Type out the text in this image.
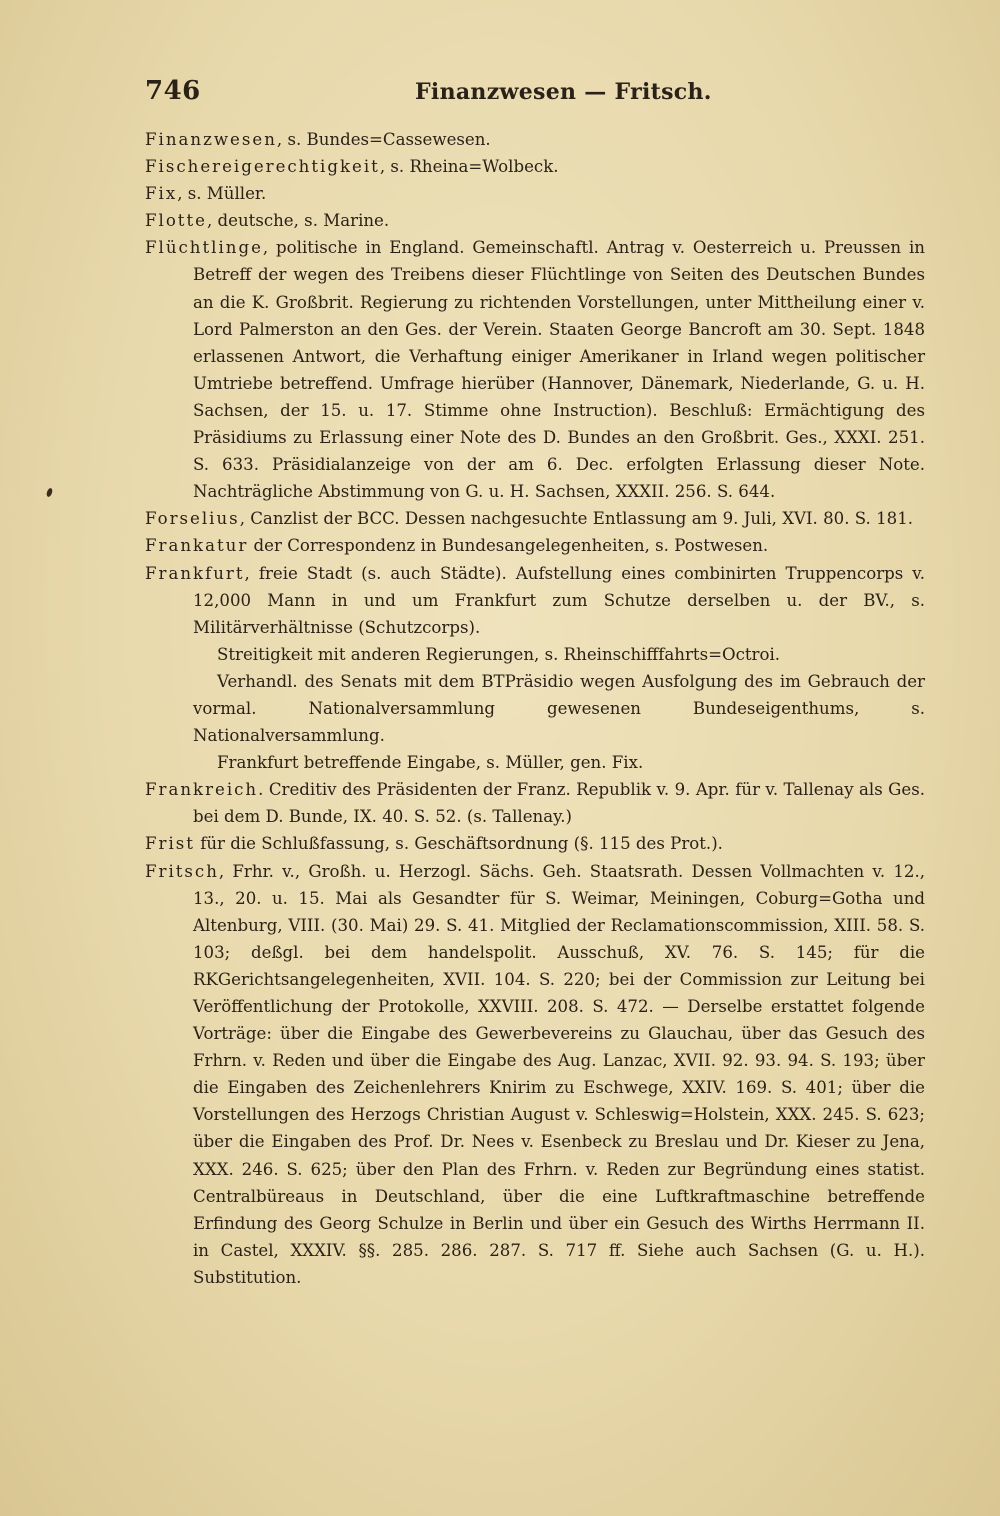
746	Finanzwesen — Fritsch.

Finanzwesen, s. Bundes=Cassewesen.

Fischereigerechtigkeit, s. Rheina=Wolbeck.

Fix, s. Müller.

Flotte, deutsche, s. Marine.

Flüchtlinge, politische in England. Gemeinschaftl. Antrag v. Oesterreich u. Preussen in Betreff der wegen des Treibens dieser Flüchtlinge von Seiten des Deutschen Bundes an die K. Großbrit. Regierung zu richtenden Vorstellungen, unter Mittheilung einer v. Lord Palmerston an den Ges. der Verein. Staaten George Bancroft am 30. Sept. 1848 erlassenen Antwort, die Verhaftung einiger Amerikaner in Irland wegen politischer Umtriebe betreffend. Umfrage hierüber (Hannover, Dänemark, Niederlande, G. u. H. Sachsen, der 15. u. 17. Stimme ohne Instruction). Beschluß: Ermächtigung des Präsidiums zu Erlassung einer Note des D. Bundes an den Großbrit. Ges., XXXI. 251. S. 633. Präsidialanzeige von der am 6. Dec. erfolgten Erlassung dieser Note. Nachträgliche Abstimmung von G. u. H. Sachsen, XXXII. 256. S. 644.

Forselius, Canzlist der BCC. Dessen nachgesuchte Entlassung am 9. Juli, XVI. 80. S. 181.

Frankatur der Correspondenz in Bundesangelegenheiten, s. Postwesen.

Frankfurt, freie Stadt (s. auch Städte). Aufstellung eines combinirten Truppencorps v. 12,000 Mann in und um Frankfurt zum Schutze derselben u. der BV., s. Militärverhältnisse (Schutzcorps).

Streitigkeit mit anderen Regierungen, s. Rheinschifffahrts=Octroi.

Verhandl. des Senats mit dem BTPräsidio wegen Ausfolgung des im Gebrauch der vormal. Nationalversammlung gewesenen Bundeseigenthums, s. Nationalversammlung.

Frankfurt betreffende Eingabe, s. Müller, gen. Fix.

Frankreich. Creditiv des Präsidenten der Franz. Republik v. 9. Apr. für v. Tallenay als Ges. bei dem D. Bunde, IX. 40. S. 52. (s. Tallenay.)

Frist für die Schlußfassung, s. Geschäftsordnung (§. 115 des Prot.).

Fritsch, Frhr. v., Großh. u. Herzogl. Sächs. Geh. Staatsrath. Dessen Vollmachten v. 12., 13., 20. u. 15. Mai als Gesandter für S. Weimar, Meiningen, Coburg=Gotha und Altenburg, VIII. (30. Mai) 29. S. 41. Mitglied der Reclamationscommission, XIII. 58. S. 103; deßgl. bei dem handelspolit. Ausschuß, XV. 76. S. 145; für die RKGerichtsangelegenheiten, XVII. 104. S. 220; bei der Commission zur Leitung bei Veröffentlichung der Protokolle, XXVIII. 208. S. 472. — Derselbe erstattet folgende Vorträge: über die Eingabe des Gewerbevereins zu Glauchau, über das Gesuch des Frhrn. v. Reden und über die Eingabe des Aug. Lanzac, XVII. 92. 93. 94. S. 193; über die Eingaben des Zeichenlehrers Knirim zu Eschwege, XXIV. 169. S. 401; über die Vorstellungen des Herzogs Christian August v. Schleswig=Holstein, XXX. 245. S. 623; über die Eingaben des Prof. Dr. Nees v. Esenbeck zu Breslau und Dr. Kieser zu Jena, XXX. 246. S. 625; über den Plan des Frhrn. v. Reden zur Begründung eines statist. Centralbüreaus in Deutschland, über die eine Luftkraftmaschine betreffende Erfindung des Georg Schulze in Berlin und über ein Gesuch des Wirths Herrmann II. in Castel, XXXIV. §§. 285. 286. 287. S. 717 ff. Siehe auch Sachsen (G. u. H.). Substitution.
